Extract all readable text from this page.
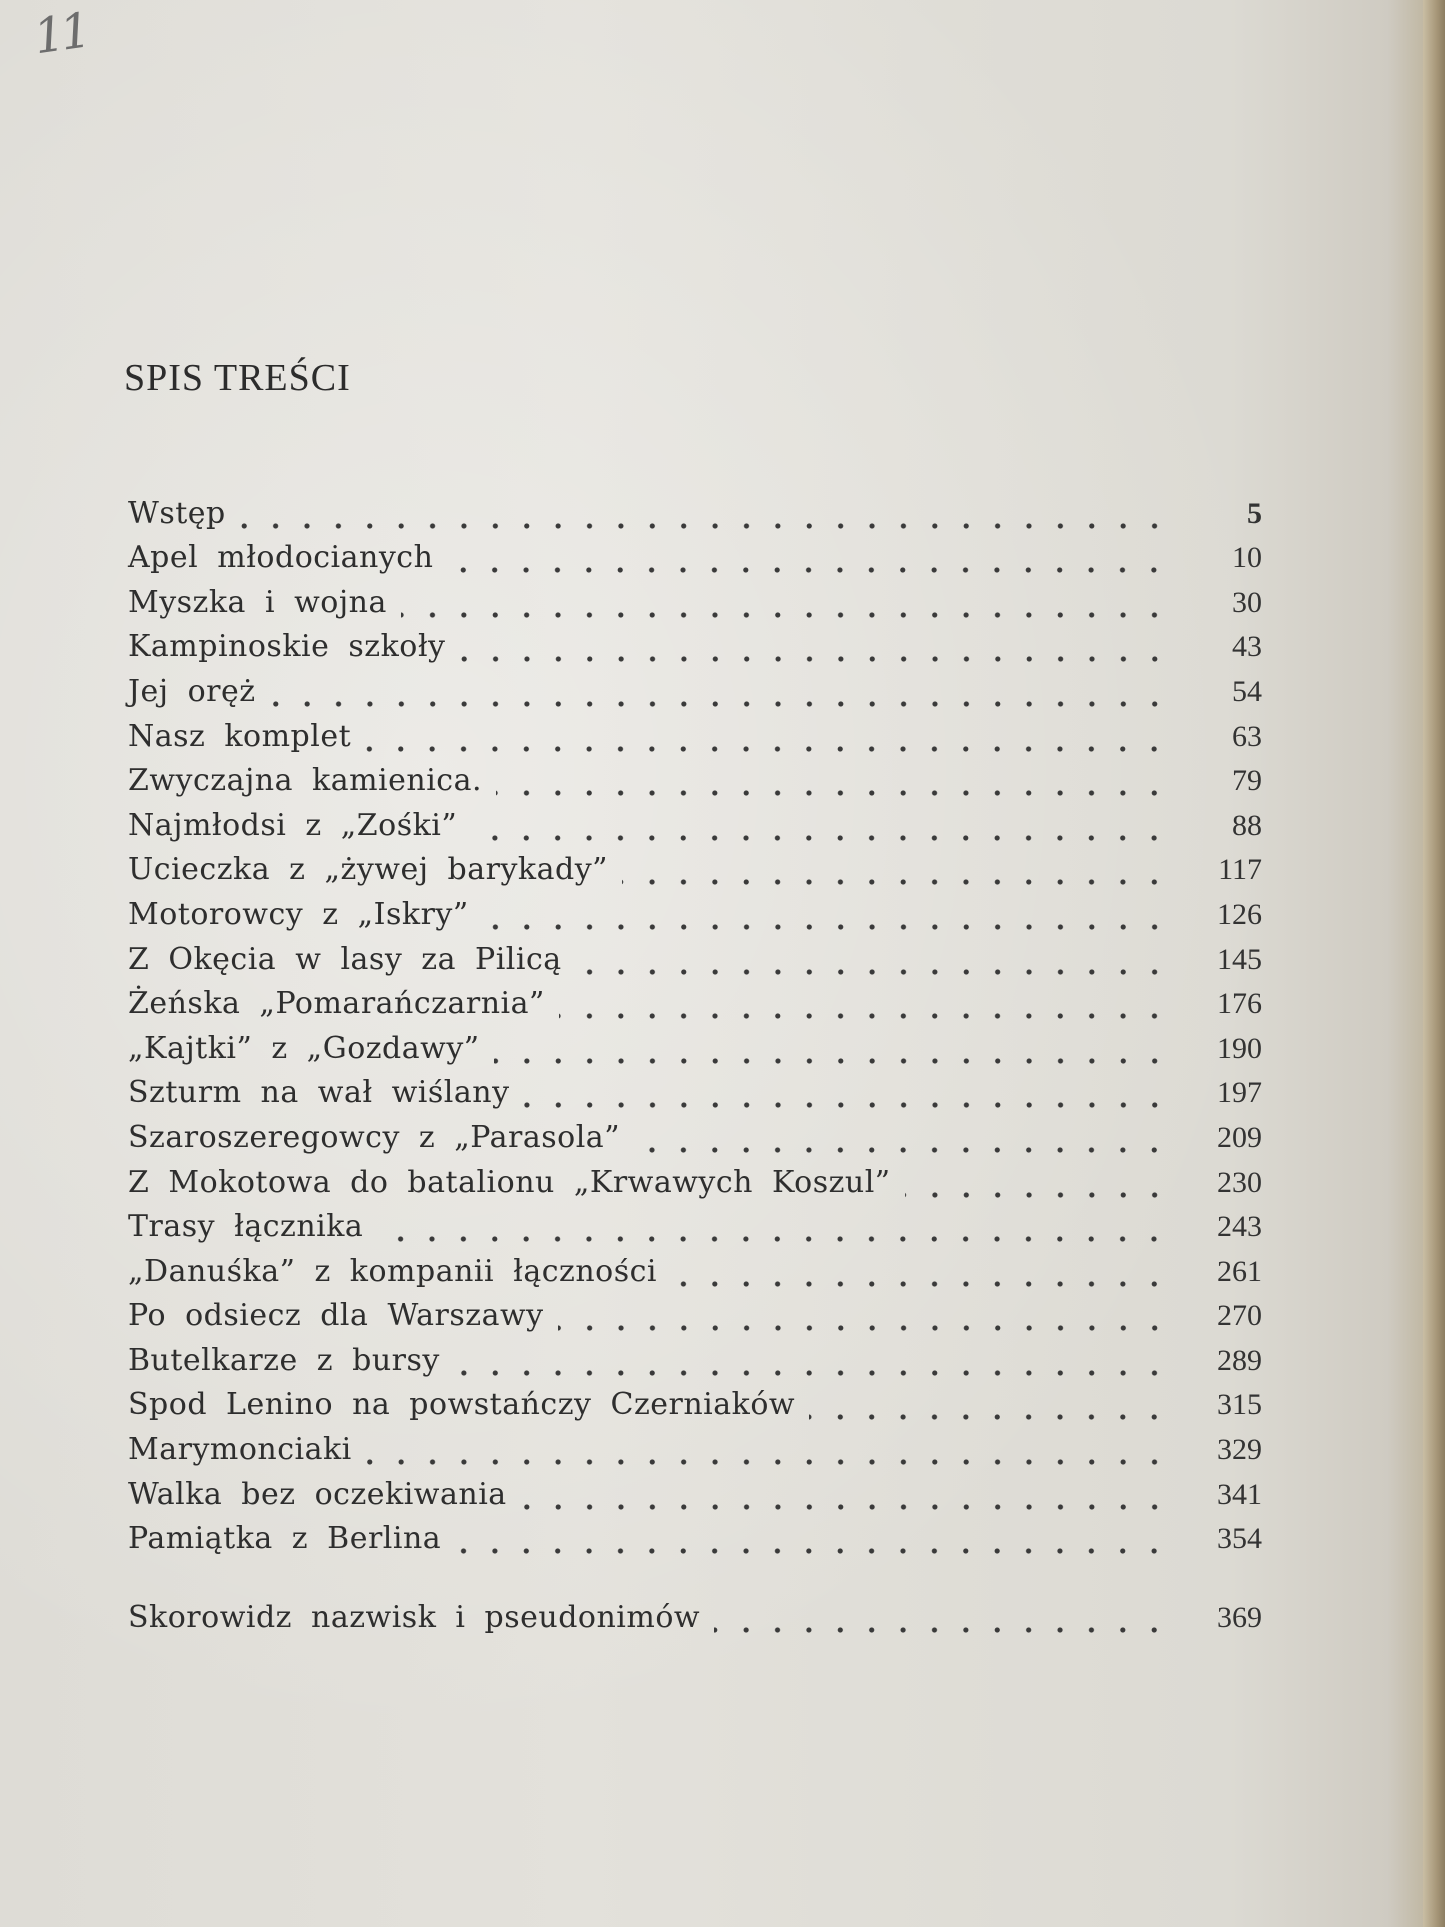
11
SPIS TREŚCI
Wstęp	5
Apel młodocianych	10
Myszka i wojna	30
Kampinoskie szkoły	43
Jej oręż	54
Nasz komplet	63
Zwyczajna kamienica.	79
Najmłodsi z „Zośki”	88
Ucieczka z „żywej barykady”	117
Motorowcy z „Iskry”	126
Z Okęcia w lasy za Pilicą	145
Żeńska „Pomarańczarnia”	176
„Kajtki” z „Gozdawy”	190
Szturm na wał wiślany	197
Szaroszeregowcy z „Parasola”	209
Z Mokotowa do batalionu „Krwawych Koszul”	230
Trasy łącznika	243
„Danuśka” z kompanii łączności	261
Po odsiecz dla Warszawy	270
Butelkarze z bursy	289
Spod Lenino na powstańczy Czerniaków	315
Marymonciaki	329
Walka bez oczekiwania	341
Pamiątka z Berlina	354
Skorowidz nazwisk i pseudonimów	369
